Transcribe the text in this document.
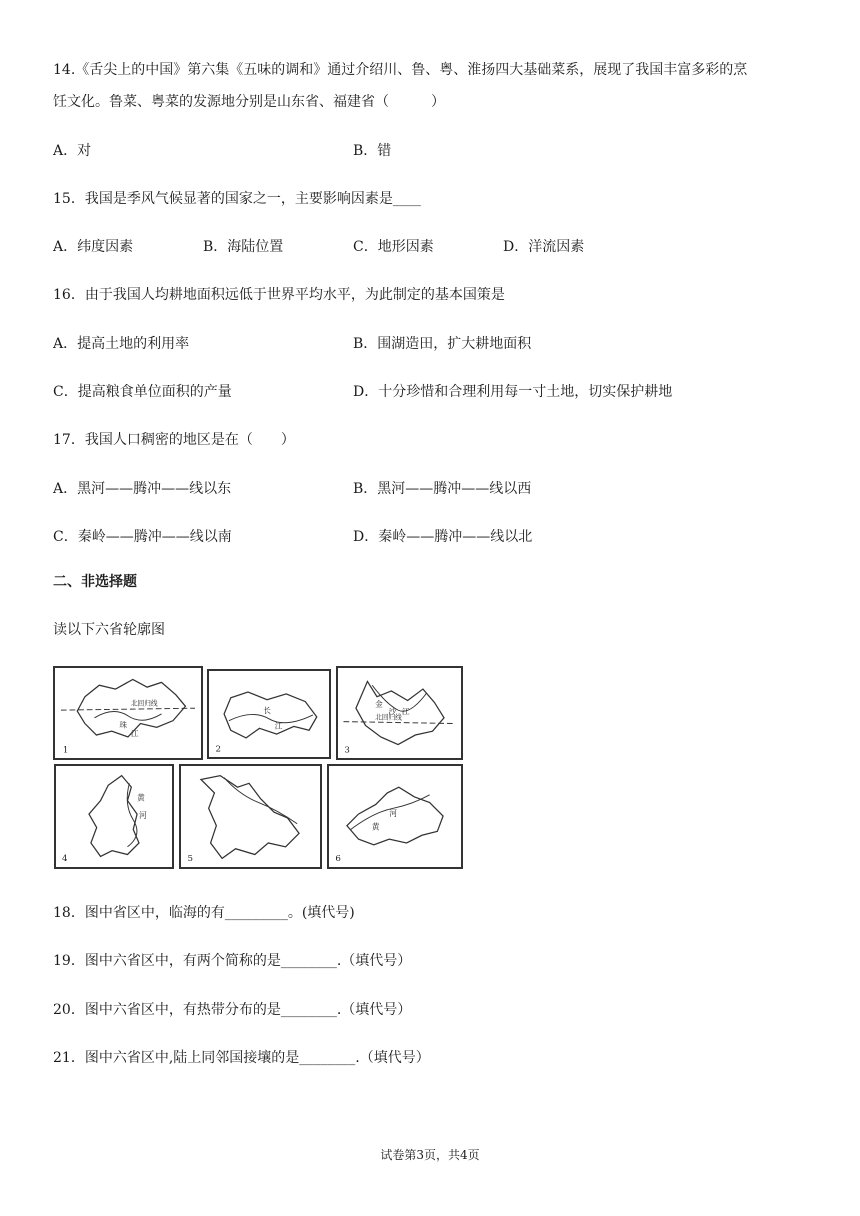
14.《舌尖上的中国》第六集《五味的调和》通过介绍川、鲁、粤、淮扬四大基础菜系，展现了我国丰富多彩的烹
饪文化。鲁菜、粤菜的发源地分别是山东省、福建省（　　　）
A．对	B．错
15．我国是季风气候显著的国家之一，主要影响因素是____
A．纬度因素	B．海陆位置	C．地形因素	D．洋流因素
16．由于我国人均耕地面积远低于世界平均水平，为此制定的基本国策是
A．提高土地的利用率	B．围湖造田，扩大耕地面积
C．提高粮食单位面积的产量	D．十分珍惜和合理利用每一寸土地，切实保护耕地
17．我国人口稠密的地区是在（　　）
A．黑河——腾冲——线以东	B．黑河——腾冲——线以西
C．秦岭——腾冲——线以南	D．秦岭——腾冲——线以北
二、非选择题
读以下六省轮廓图
北回归线
珠
江
1
长
江
2
金
沙 江
北回归线
3
黄
河
4	5
河
黄
6
18．图中省区中，临海的有_________。(填代号)
19．图中六省区中，有两个简称的是________.（填代号）
20．图中六省区中，有热带分布的是________.（填代号）
21．图中六省区中,陆上同邻国接壤的是________.（填代号）
试卷第3页，共4页
